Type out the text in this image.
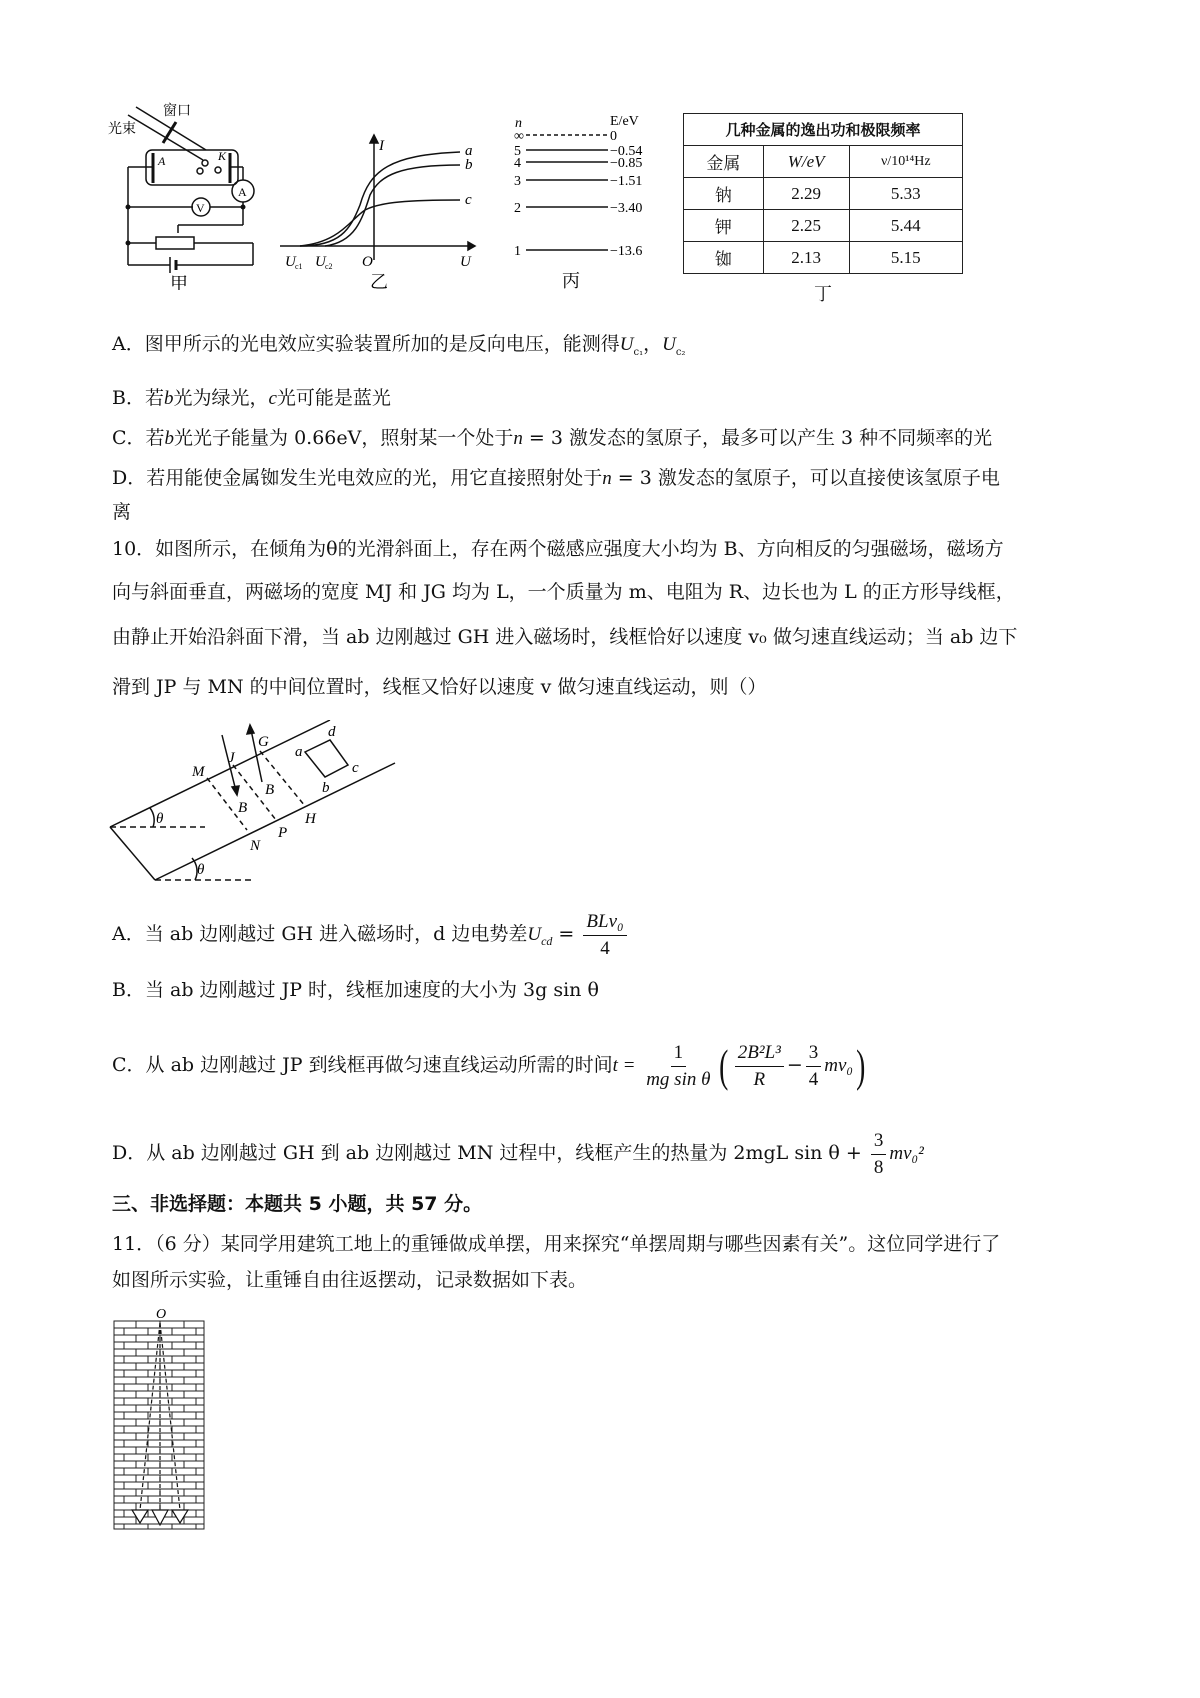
窗口
光束
A	K
A
V
甲
a
b
c
I
U
O
U c1 U c2
乙
n	E/eV
∞	0
5	−0.54
4	−0.85
3	−1.51
2	−3.40
1	−13.6
丙
几种金属的逸出功和极限频率		
金属	W/eV	ν/10¹⁴Hz
钠	2.29	5.33
钾	2.25	5.44
铷	2.13	5.15
丁
A．图甲所示的光电效应实验装置所加的是反向电压，能测得$U_{c_1}$，$U_{c_2}$
B．若b光为绿光，c光可能是蓝光
C．若b光光子能量为 0.66eV，照射某一个处于n = 3 激发态的氢原子，最多可以产生 3 种不同频率的光
D．若用能使金属铷发生光电效应的光，用它直接照射处于n = 3 激发态的氢原子，可以直接使该氢原子电
离
10．如图所示，在倾角为θ的光滑斜面上，存在两个磁感应强度大小均为 B、方向相反的匀强磁场，磁场方
向与斜面垂直，两磁场的宽度 MJ 和 JG 均为 L，一个质量为 m、电阻为 R、边长也为 L 的正方形导线框，
由静止开始沿斜面下滑，当 ab 边刚越过 GH 进入磁场时，线框恰好以速度 v₀ 做匀速直线运动；当 ab 边下
滑到 JP 与 MN 的中间位置时，线框又恰好以速度 v 做匀速直线运动，则（）
M
J
G
N
P
H
B
B
a
b
c
d
θ
θ
A．当 ab 边刚越过 GH 进入磁场时，d 边电势差$U_{cd} = \frac{\text{BLv₀}}{4}$
B．当 ab 边刚越过 JP 时，线框加速度的大小为 3g sin θ
C．从 ab 边刚越过 JP 到线框再做匀速直线运动所需的时间$t = \frac{1}{\text{mg sin θ}}$ ( $\frac{\text{2B²L³}}{R} - \frac{3}{4} mv_0$)
D．从 ab 边刚越过 GH 到 ab 边刚越过 MN 过程中，线框产生的热量为 2mgL $\sin \theta + \frac{3}{8} mv_0^2$
三、非选择题：本题共 5 小题，共 57 分。
11．（6 分）某同学用建筑工地上的重锤做成单摆，用来探究“单摆周期与哪些因素有关”。这位同学进行了
如图所示实验，让重锤自由往返摆动，记录数据如下表。
O
